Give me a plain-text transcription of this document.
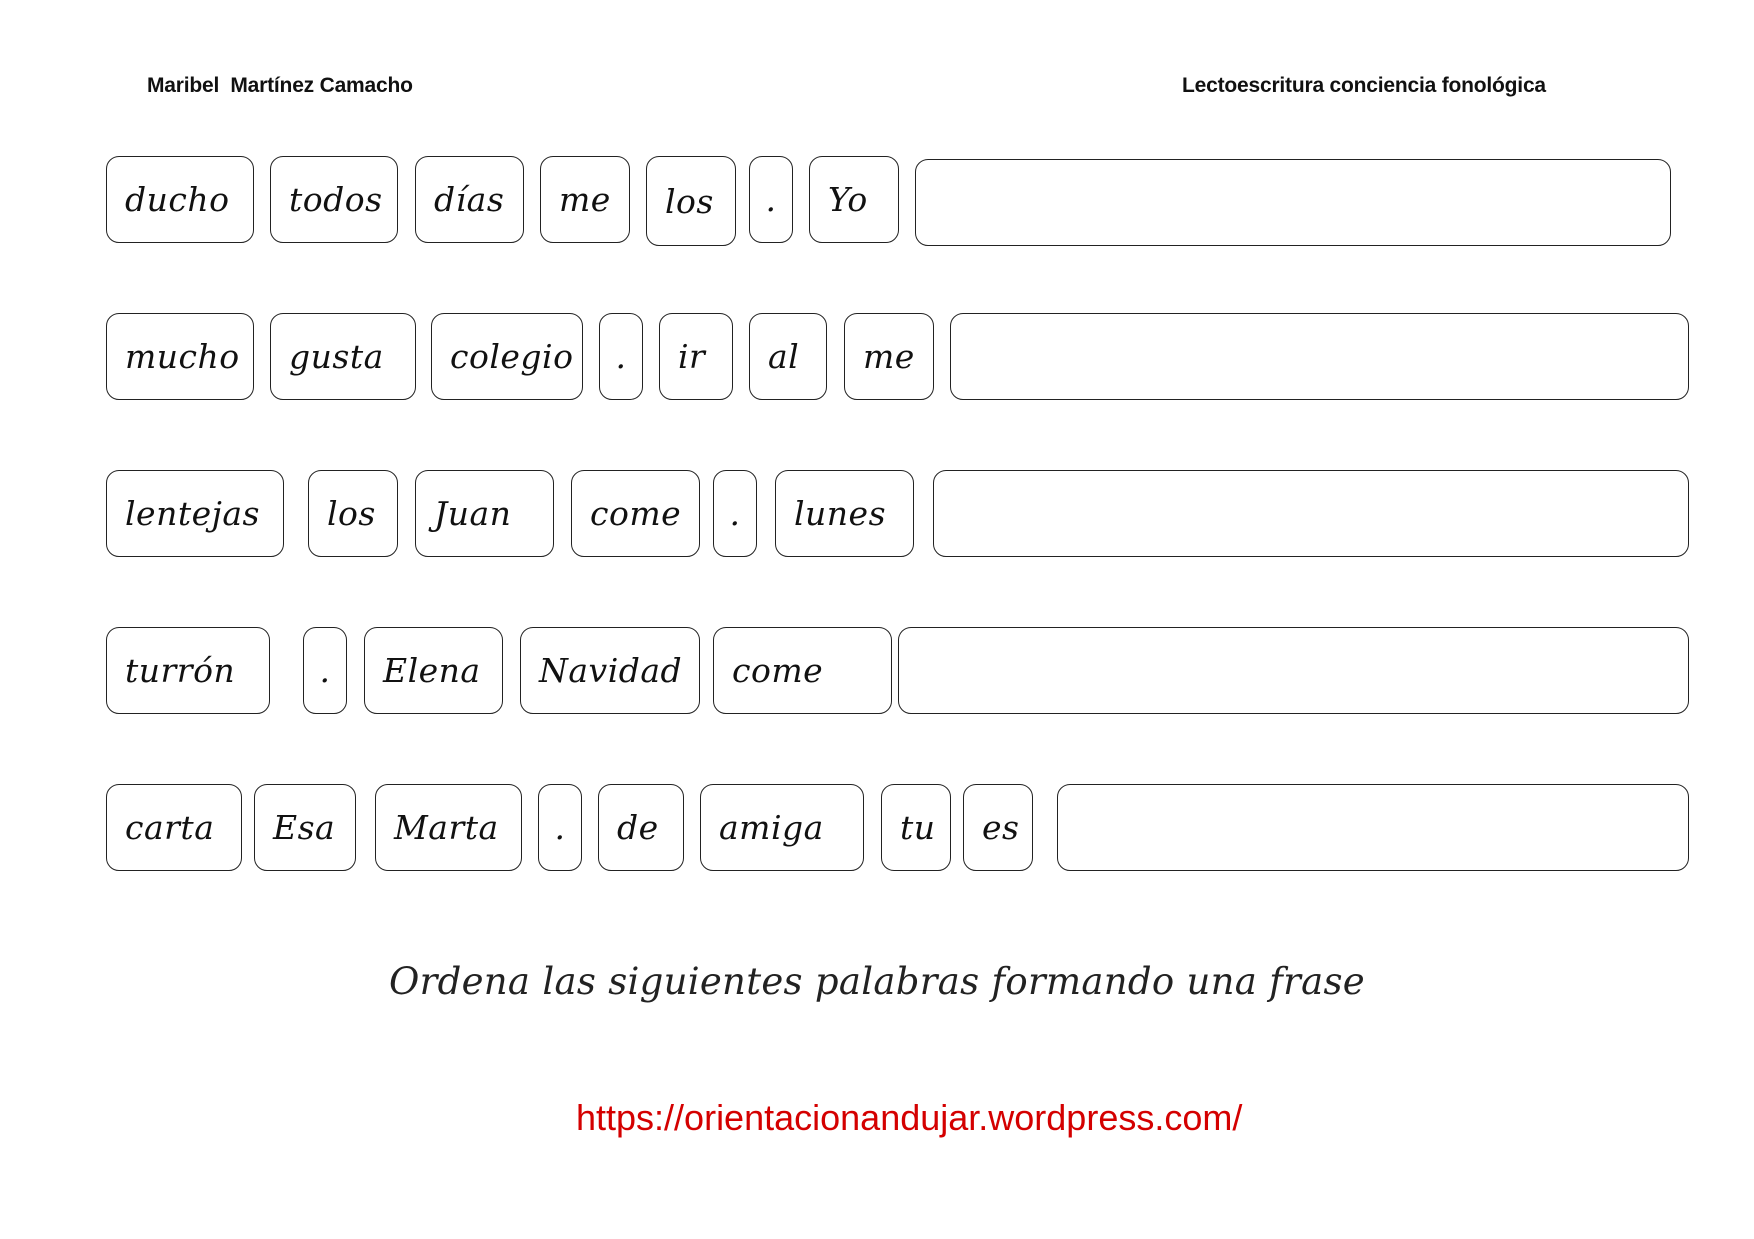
Maribel  Martínez Camacho	Lectoescritura conciencia fonológica
ducho	todos	días	me	los	.	Yo
mucho	gusta	colegio	.	ir	al	me
lentejas	los	Juan	come	.	lunes
turrón	.	Elena	Navidad	come
carta	Esa	Marta	.	de	amiga	tu	es
Ordena las siguientes palabras formando una frase
https://orientacionandujar.wordpress.com/
